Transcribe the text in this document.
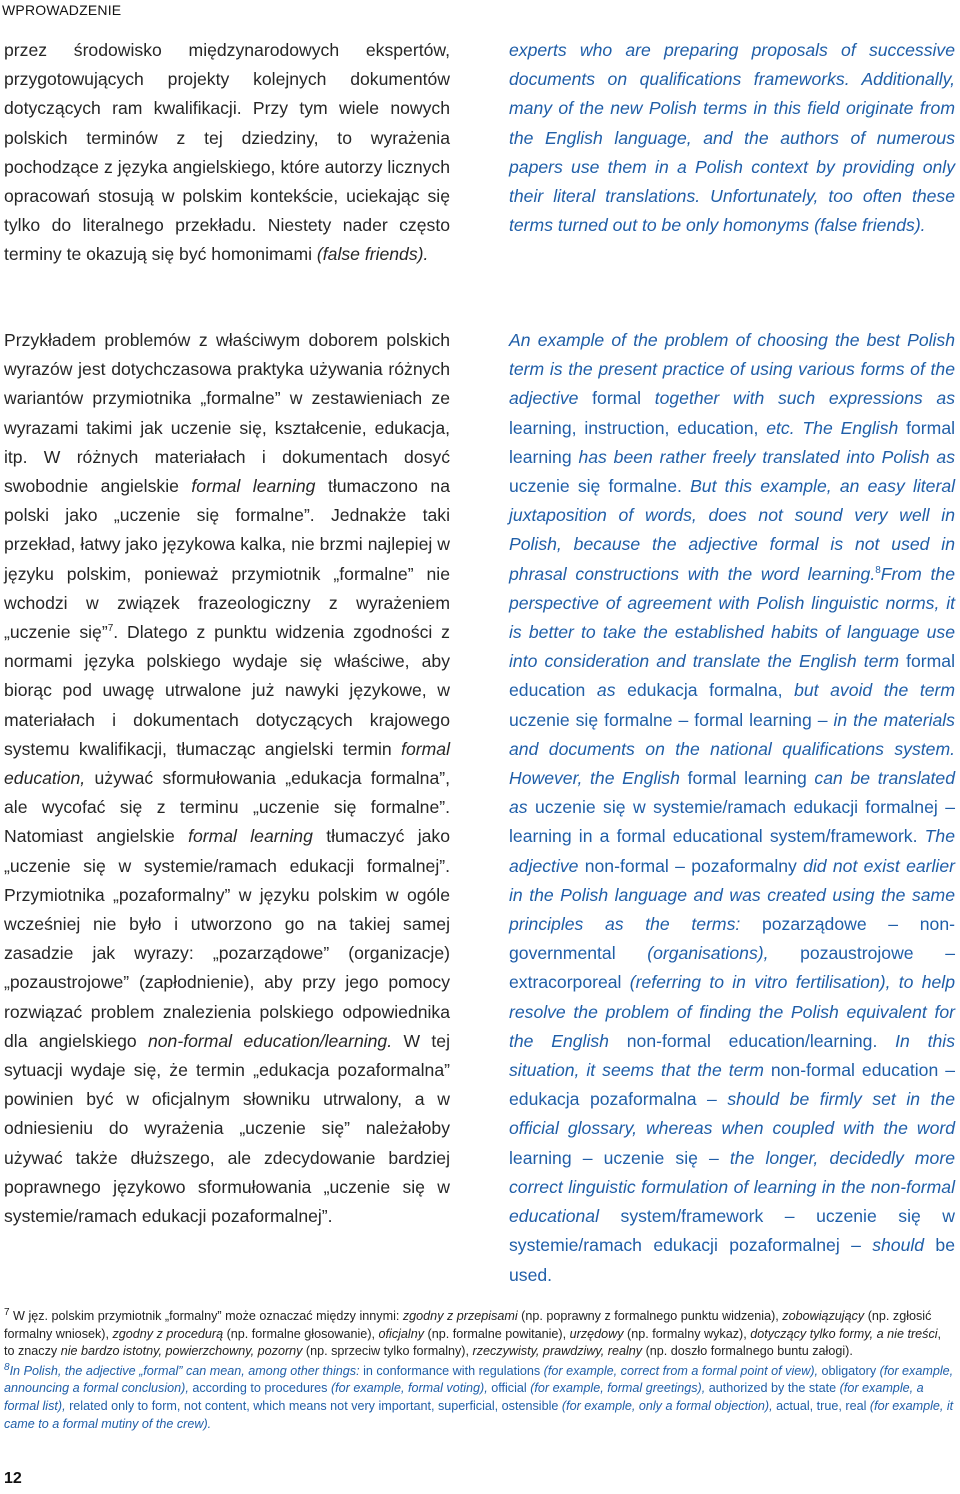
WPROWADZENIE

przez środowisko międzynarodowych ekspertów, przygotowujących projekty kolejnych dokumentów dotyczących ram kwalifikacji. Przy tym wiele nowych polskich terminów z tej dziedziny, to wyrażenia pochodzące z języka angielskiego, które autorzy licznych opracowań stosują w polskim kontekście, uciekając się tylko do literalnego przekładu. Niestety nader często terminy te okazują się być homonimami (false friends).

experts who are preparing proposals of successive documents on qualifications frameworks. Additionally, many of the new Polish terms in this field originate from the English language, and the authors of numerous papers use them in a Polish context by providing only their literal translations. Unfortunately, too often these terms turned out to be only homonyms (false friends).

Przykładem problemów z właściwym doborem polskich wyrazów jest dotychczasowa praktyka używania różnych wariantów przymiotnika „formalne” w zestawieniach ze wyrazami takimi jak uczenie się, kształcenie, edukacja, itp. W różnych materiałach i dokumentach dosyć swobodnie angielskie formal learning tłumaczono na polski jako „uczenie się formalne”. Jednakże taki przekład, łatwy jako językowa kalka, nie brzmi najlepiej w języku polskim, ponieważ przymiotnik „formalne” nie wchodzi w związek frazeologiczny z wyrażeniem „uczenie się”$^7$. Dlatego z punktu widzenia zgodności z normami języka polskiego wydaje się właściwe, aby biorąc pod uwagę utrwalone już nawyki językowe, w materiałach i dokumentach dotyczących krajowego systemu kwalifikacji, tłumacząc angielski termin formal education, używać sformułowania „edukacja formalna”, ale wycofać się z terminu „uczenie się formalne”. Natomiast angielskie formal learning tłumaczyć jako „uczenie się w systemie/ramach edukacji formalnej”. Przymiotnika „pozaformalny” w języku polskim w ogóle wcześniej nie było i utworzono go na takiej samej zasadzie jak wyrazy: „pozarządowe” (organizacje) „pozaustrojowe” (zapłodnienie), aby przy jego pomocy rozwiązać problem znalezienia polskiego odpowiednika dla angielskiego non-formal education/learning. W tej sytuacji wydaje się, że termin „edukacja pozaformalna” powinien być w oficjalnym słowniku utrwalony, a w odniesieniu do wyrażenia „uczenie się” należałoby używać także dłuższego, ale zdecydowanie bardziej poprawnego językowo sformułowania „uczenie się w systemie/ramach edukacji pozaformalnej”.

An example of the problem of choosing the best Polish term is the present practice of using various forms of the adjective formal together with such expressions as learning, instruction, education, etc. The English formal learning has been rather freely translated into Polish as uczenie się formalne. But this example, an easy literal juxtaposition of words, does not sound very well in Polish, because the adjective formal is not used in phrasal constructions with the word learning.$^8$From the perspective of agreement with Polish linguistic norms, it is better to take the established habits of language use into consideration and translate the English term formal education as edukacja formalna, but avoid the term uczenie się formalne – formal learning – in the materials and documents on the national qualifications system. However, the English formal learning can be translated as uczenie się w systemie/ramach edukacji formalnej – learning in a formal educational system/framework. The adjective non-formal – pozaformalny did not exist earlier in the Polish language and was created using the same principles as the terms: pozarządowe – non-governmental (organisations), pozaustrojowe – extracorporeal (referring to in vitro fertilisation), to help resolve the problem of finding the Polish equivalent for the English non-formal education/learning. In this situation, it seems that the term non-formal education – edukacja pozaformalna – should be firmly set in the official glossary, whereas when coupled with the word learning – uczenie się – the longer, decidedly more correct linguistic formulation of learning in the non-formal educational system/framework – uczenie się w systemie/ramach edukacji pozaformalnej – should be used.

$^7$ W jęz. polskim przymiotnik „formalny” może oznaczać między innymi: zgodny z przepisami (np. poprawny z formalnego punktu widzenia), zobowiązujący (np. zgłosić formalny wniosek), zgodny z procedurą (np. formalne głosowanie), oficjalny (np. formalne powitanie), urzędowy (np. formalny wykaz), dotyczący tylko formy, a nie treści, to znaczy nie bardzo istotny, powierzchowny, pozorny (np. sprzeciw tylko formalny), rzeczywisty, prawdziwy, realny (np. doszło formalnego buntu załogi).

$^8$In Polish, the adjective „formal” can mean, among other things: in conformance with regulations (for example, correct from a formal point of view), obligatory (for example, announcing a formal conclusion), according to procedures (for example, formal voting), official (for example, formal greetings), authorized by the state (for example, a formal list), related only to form, not content, which means not very important, superficial, ostensible (for example, only a formal objection), actual, true, real (for example, it came to a formal mutiny of the crew).

12
